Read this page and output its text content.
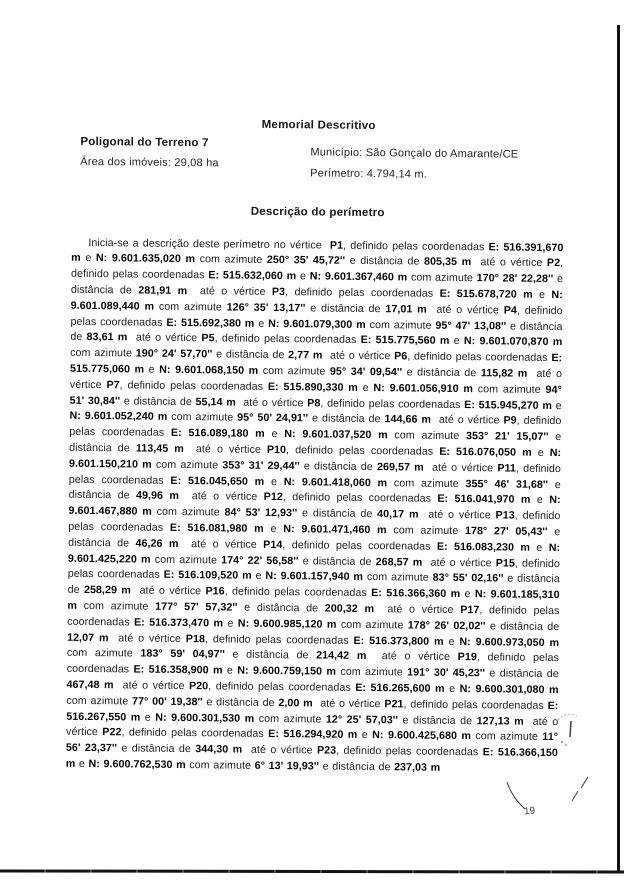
Memorial Descritivo
Poligonal do Terreno 7
Área dos imóveis: 29,08 ha
Município: São Gonçalo do Amarante/CE
Perímetro: 4.794,14 m.
Descrição do perímetro

Inicia-se a descrição deste perímetro no vértice  P1, definido pelas coordenadas E: 516.391,670 m e N: 9.601.635,020 m com azimute 250° 35' 45,72'' e distância de 805,35 m  até o vértice P2, definido pelas coordenadas E: 515.632,060 m e N: 9.601.367,460 m com azimute 170° 28' 22,28'' e distância de 281,91 m  até o vértice P3, definido pelas coordenadas E: 515.678,720 m e N: 9.601.089,440 m com azimute 126° 35' 13,17'' e distância de 17,01 m  até o vértice P4, definido pelas coordenadas E: 515.692,380 m e N: 9.601.079,300 m com azimute 95° 47' 13,08'' e distância de 83,61 m  até o vértice P5, definido pelas coordenadas E: 515.775,560 m e N: 9.601.070,870 m com azimute 190° 24' 57,70'' e distância de 2,77 m  até o vértice P6, definido pelas coordenadas E: 515.775,060 m e N: 9.601.068,150 m com azimute 95° 34' 09,54'' e distância de 115,82 m  até o vértice P7, definido pelas coordenadas E: 515.890,330 m e N: 9.601.056,910 m com azimute 94° 51' 30,84'' e distância de 55,14 m  até o vértice P8, definido pelas coordenadas E: 515.945,270 m e N: 9.601.052,240 m com azimute 95° 50' 24,91'' e distância de 144,66 m  até o vértice P9, definido pelas coordenadas E: 516.089,180 m e N: 9.601.037,520 m com azimute 353° 21' 15,07'' e distância de 113,45 m  até o vértice P10, definido pelas coordenadas E: 516.076,050 m e N: 9.601.150,210 m com azimute 353° 31' 29,44'' e distância de 269,57 m  até o vértice P11, definido pelas coordenadas E: 516.045,650 m e N: 9.601.418,060 m com azimute 355° 46' 31,68'' e distância de 49,96 m  até o vértice P12, definido pelas coordenadas E: 516.041,970 m e N: 9.601.467,880 m com azimute 84° 53' 12,93'' e distância de 40,17 m  até o vértice P13, definido pelas coordenadas E: 516.081,980 m e N: 9.601.471,460 m com azimute 178° 27' 05,43'' e distância de 46,26 m  até o vértice P14, definido pelas coordenadas E: 516.083,230 m e N: 9.601.425,220 m com azimute 174° 22' 56,58'' e distância de 268,57 m  até o vértice P15, definido pelas coordenadas E: 516.109,520 m e N: 9.601.157,940 m com azimute 83° 55' 02,16'' e distância de 258,29 m  até o vértice P16, definido pelas coordenadas E: 516.366,360 m e N: 9.601.185,310 m com azimute 177° 57' 57,32'' e distância de 200,32 m  até o vértice P17, definido pelas coordenadas E: 516.373,470 m e N: 9.600.985,120 m com azimute 178° 26' 02,02'' e distância de 12,07 m  até o vértice P18, definido pelas coordenadas E: 516.373,800 m e N: 9.600.973,050 m com azimute 183° 59' 04,97'' e distância de 214,42 m  até o vértice P19, definido pelas coordenadas E: 516.358,900 m e N: 9.600.759,150 m com azimute 191° 30' 45,23'' e distância de 467,48 m  até o vértice P20, definido pelas coordenadas E: 516.265,600 m e N: 9.600.301,080 m com azimute 77° 00' 19,38'' e distância de 2,00 m  até o vértice P21, definido pelas coordenadas E: 516.267,550 m e N: 9.600.301,530 m com azimute 12° 25' 57,03'' e distância de 127,13 m  até o vértice P22, definido pelas coordenadas E: 516.294,920 m e N: 9.600.425,680 m com azimute 11° 56' 23,37'' e distância de 344,30 m  até o vértice P23, definido pelas coordenadas E: 516.366,150 m e N: 9.600.762,530 m com azimute 6° 13' 19,93'' e distância de 237,03 m

19
